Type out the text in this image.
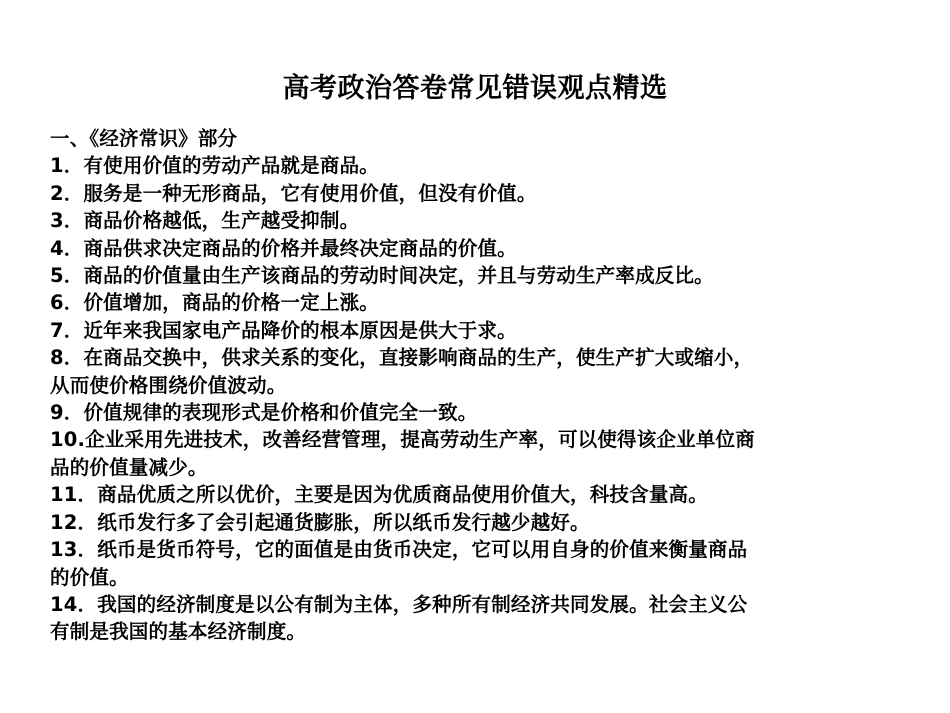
高考政治答卷常见错误观点精选
一、《经济常识》部分
1．有使用价值的劳动产品就是商品。
2．服务是一种无形商品，它有使用价值，但没有价值。
3．商品价格越低，生产越受抑制。
4．商品供求决定商品的价格并最终决定商品的价值。
5．商品的价值量由生产该商品的劳动时间决定，并且与劳动生产率成反比。
6．价值增加，商品的价格一定上涨。
7．近年来我国家电产品降价的根本原因是供大于求。
8．在商品交换中，供求关系的变化，直接影响商品的生产，使生产扩大或缩小，
从而使价格围绕价值波动。
9．价值规律的表现形式是价格和价值完全一致。
10.企业采用先进技术，改善经营管理，提高劳动生产率，可以使得该企业单位商
品的价值量减少。
11．商品优质之所以优价，主要是因为优质商品使用价值大，科技含量高。
12．纸币发行多了会引起通货膨胀，所以纸币发行越少越好。
13．纸币是货币符号，它的面值是由货币决定，它可以用自身的价值来衡量商品
的价值。
14．我国的经济制度是以公有制为主体，多种所有制经济共同发展。社会主义公
有制是我国的基本经济制度。
